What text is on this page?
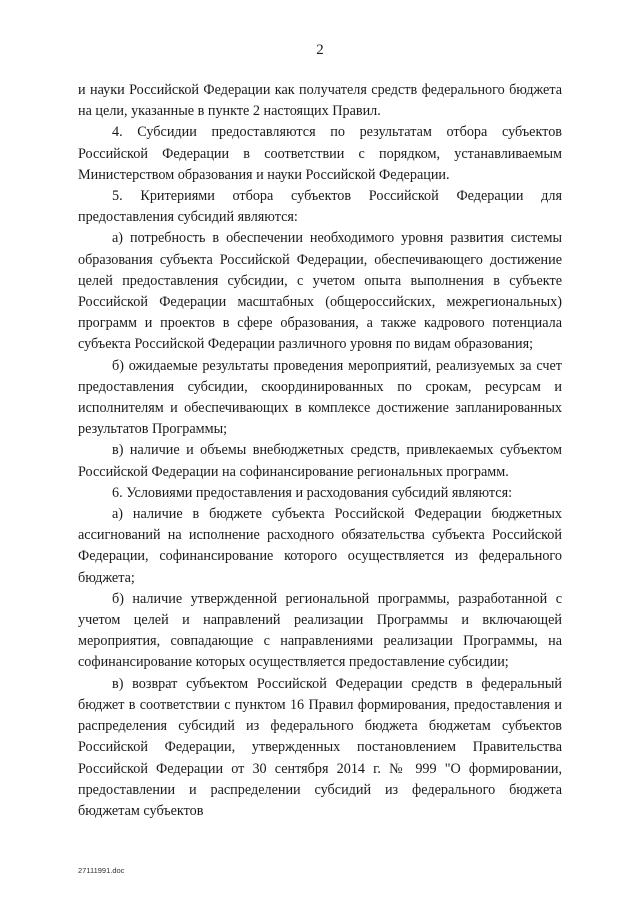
2

и науки Российской Федерации как получателя средств федерального бюджета на цели, указанные в пункте 2 настоящих Правил.

4. Субсидии предоставляются по результатам отбора субъектов Российской Федерации в соответствии с порядком, устанавливаемым Министерством образования и науки Российской Федерации.

5. Критериями отбора субъектов Российской Федерации для предоставления субсидий являются:

а) потребность в обеспечении необходимого уровня развития системы образования субъекта Российской Федерации, обеспечивающего достижение целей предоставления субсидии, с учетом опыта выполнения в субъекте Российской Федерации масштабных (общероссийских, межрегиональных) программ и проектов в сфере образования, а также кадрового потенциала субъекта Российской Федерации различного уровня по видам образования;

б) ожидаемые результаты проведения мероприятий, реализуемых за счет предоставления субсидии, скоординированных по срокам, ресурсам и исполнителям и обеспечивающих в комплексе достижение запланированных результатов Программы;

в) наличие и объемы внебюджетных средств, привлекаемых субъектом Российской Федерации на софинансирование региональных программ.

6. Условиями предоставления и расходования субсидий являются:

а) наличие в бюджете субъекта Российской Федерации бюджетных ассигнований на исполнение расходного обязательства субъекта Российской Федерации, софинансирование которого осуществляется из федерального бюджета;

б) наличие утвержденной региональной программы, разработанной с учетом целей и направлений реализации Программы и включающей мероприятия, совпадающие с направлениями реализации Программы, на софинансирование которых осуществляется предоставление субсидии;

в) возврат субъектом Российской Федерации средств в федеральный бюджет в соответствии с пунктом 16 Правил формирования, предоставления и распределения субсидий из федерального бюджета бюджетам субъектов Российской Федерации, утвержденных постановлением Правительства Российской Федерации от 30 сентября 2014 г. № 999 "О формировании, предоставлении и распределении субсидий из федерального бюджета бюджетам субъектов

27111991.doc
